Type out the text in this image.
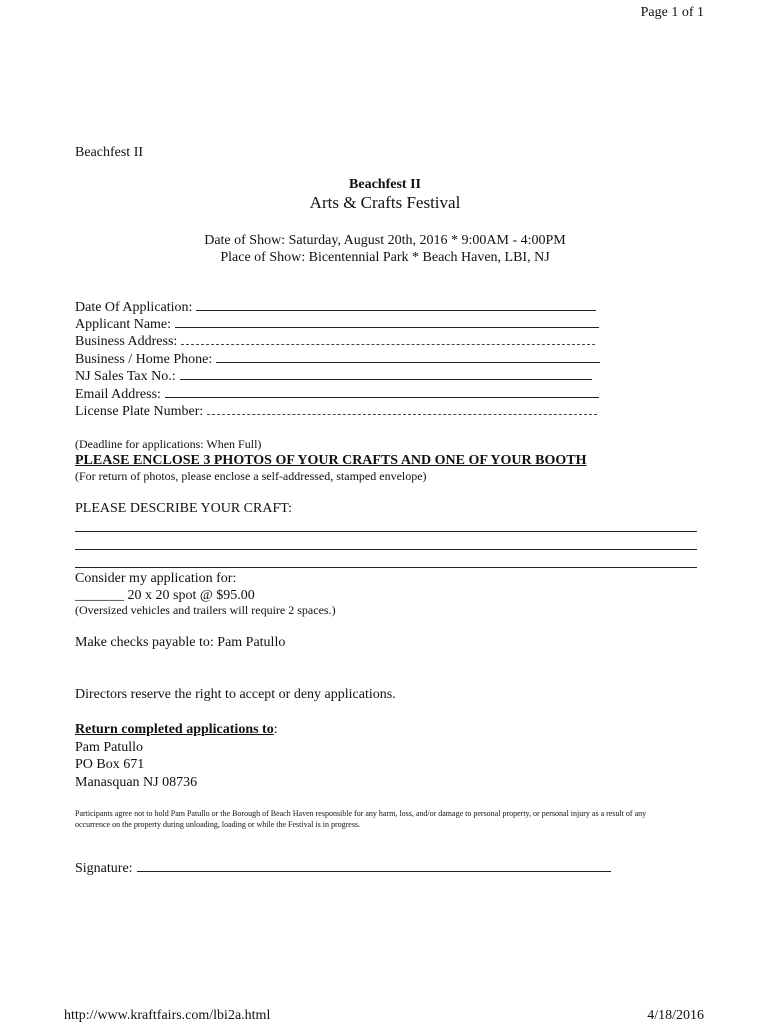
Page 1 of 1
Beachfest II
Beachfest II
Arts & Crafts Festival
Date of Show: Saturday, August 20th, 2016 * 9:00AM - 4:00PM
Place of Show: Bicentennial Park * Beach Haven, LBI, NJ
Date Of Application:
Applicant Name:
Business Address:
Business / Home Phone:
NJ Sales Tax No.:
Email Address:
License Plate Number:
(Deadline for applications: When Full)
PLEASE ENCLOSE 3 PHOTOS OF YOUR CRAFTS AND ONE OF YOUR BOOTH
(For return of photos, please enclose a self-addressed, stamped envelope)
PLEASE DESCRIBE YOUR CRAFT:
Consider my application for:
_______ 20 x 20 spot @ $95.00
(Oversized vehicles and trailers will require 2 spaces.)
Make checks payable to: Pam Patullo
Directors reserve the right to accept or deny applications.
Return completed applications to:
Pam Patullo
PO Box 671
Manasquan NJ 08736
Participants agree not to hold Pam Patullo or the Borough of Beach Haven responsible for any harm, loss, and/or damage to personal property, or personal injury as a result of any
occurrence on the property during unloading, loading or while the Festival is in progress.
Signature:
http://www.kraftfairs.com/lbi2a.html	4/18/2016
